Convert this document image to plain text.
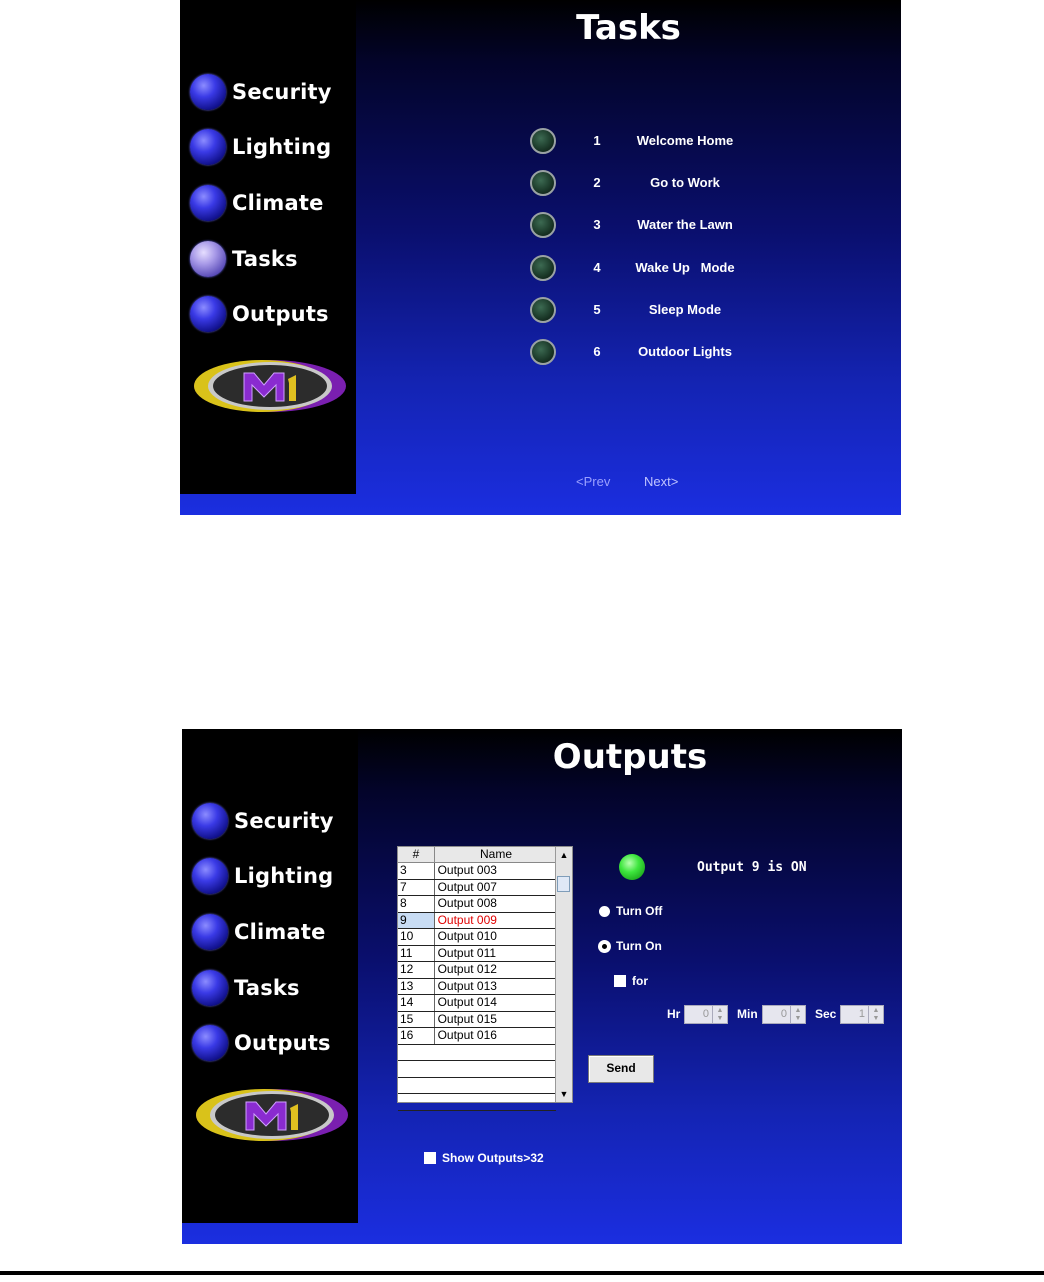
Security
Lighting
Climate
Tasks
Outputs
Tasks
1	Welcome Home
2	Go to Work
3	Water the Lawn
4	Wake Up   Mode
5	Sleep Mode
6	Outdoor Lights
<Prev	Next>
Security
Lighting
Climate
Tasks
Outputs
Outputs
#	Name
3	Output 003
7	Output 007
8	Output 008
9	Output 009
10	Output 010
11	Output 011
12	Output 012
13	Output 013
14	Output 014
15	Output 015
16	Output 016
▲
▼
Output 9 is ON
Turn Off
Turn On
for
Hr	0	▲
▼ Min	0	▲
▼ Sec	1	▲
▼
Send
Show Outputs>32
